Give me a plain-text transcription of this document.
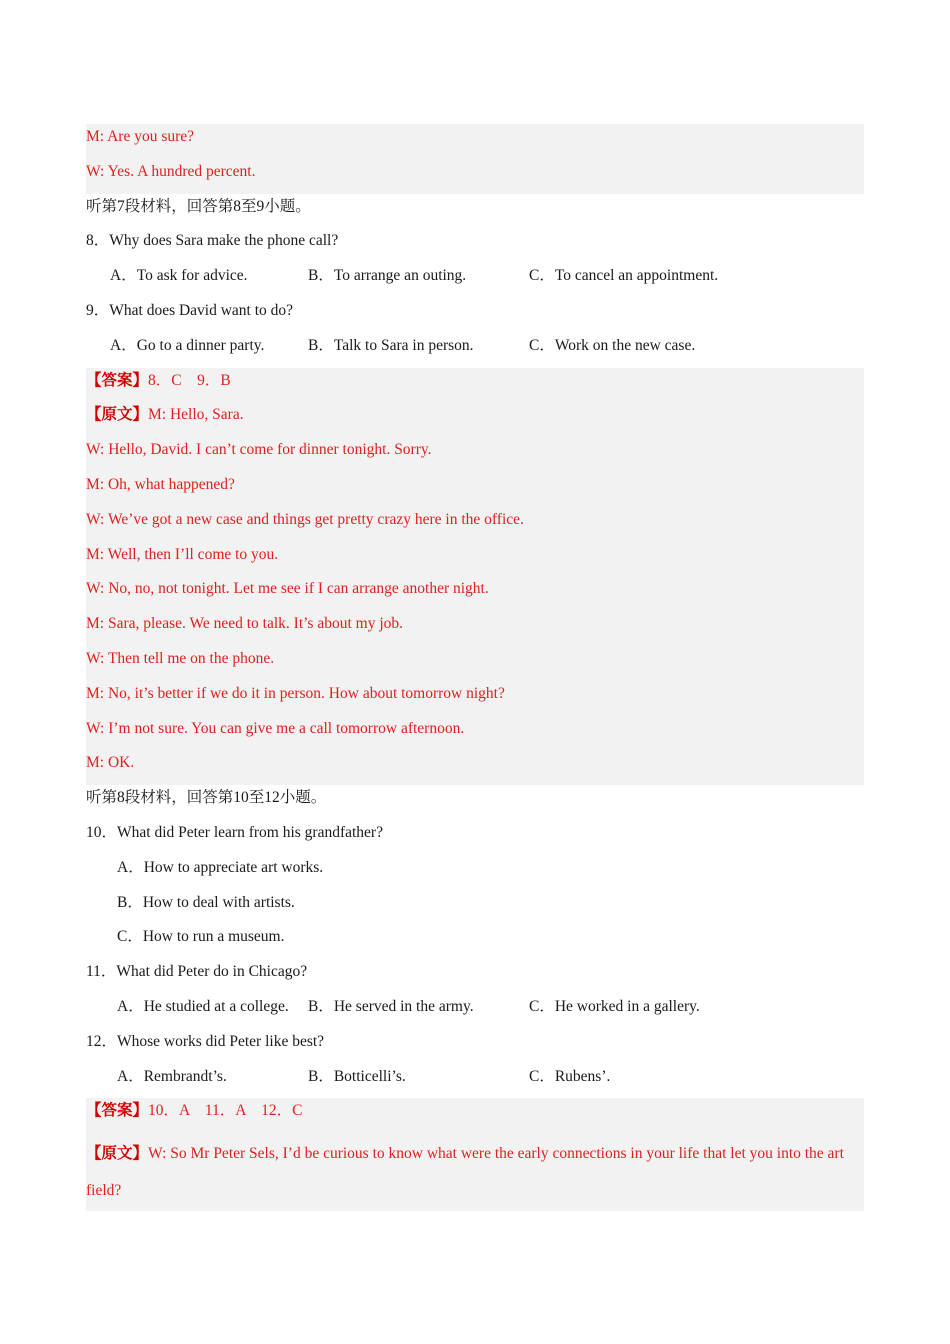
M: Are you sure?
W: Yes. A hundred percent.
听第7段材料，回答第8至9小题。
8．Why does Sara make the phone call?
A．To ask for advice.	B．To arrange an outing.	C．To cancel an appointment.
9．What does David want to do?
A．Go to a dinner party.	B．Talk to Sara in person.	C．Work on the new case.
【答案】8．C　9．B
【原文】M: Hello, Sara.
W: Hello, David. I can’t come for dinner tonight. Sorry.
M: Oh, what happened?
W: We’ve got a new case and things get pretty crazy here in the office.
M: Well, then I’ll come to you.
W: No, no, not tonight. Let me see if I can arrange another night.
M: Sara, please. We need to talk. It’s about my job.
W: Then tell me on the phone.
M: No, it’s better if we do it in person. How about tomorrow night?
W: I’m not sure. You can give me a call tomorrow afternoon.
M: OK.
听第8段材料，回答第10至12小题。
10．What did Peter learn from his grandfather?
A．How to appreciate art works.
B．How to deal with artists.
C．How to run a museum.
11．What did Peter do in Chicago?
A．He studied at a college. B．He served in the army.	C．He worked in a gallery.
12．Whose works did Peter like best?
A．Rembrandt’s.	B．Botticelli’s.	C．Rubens’.
【答案】10．A　11．A　12．C
【原文】W: So Mr Peter Sels, I’d be curious to know what were the early connections in your life that let you into the art field?
